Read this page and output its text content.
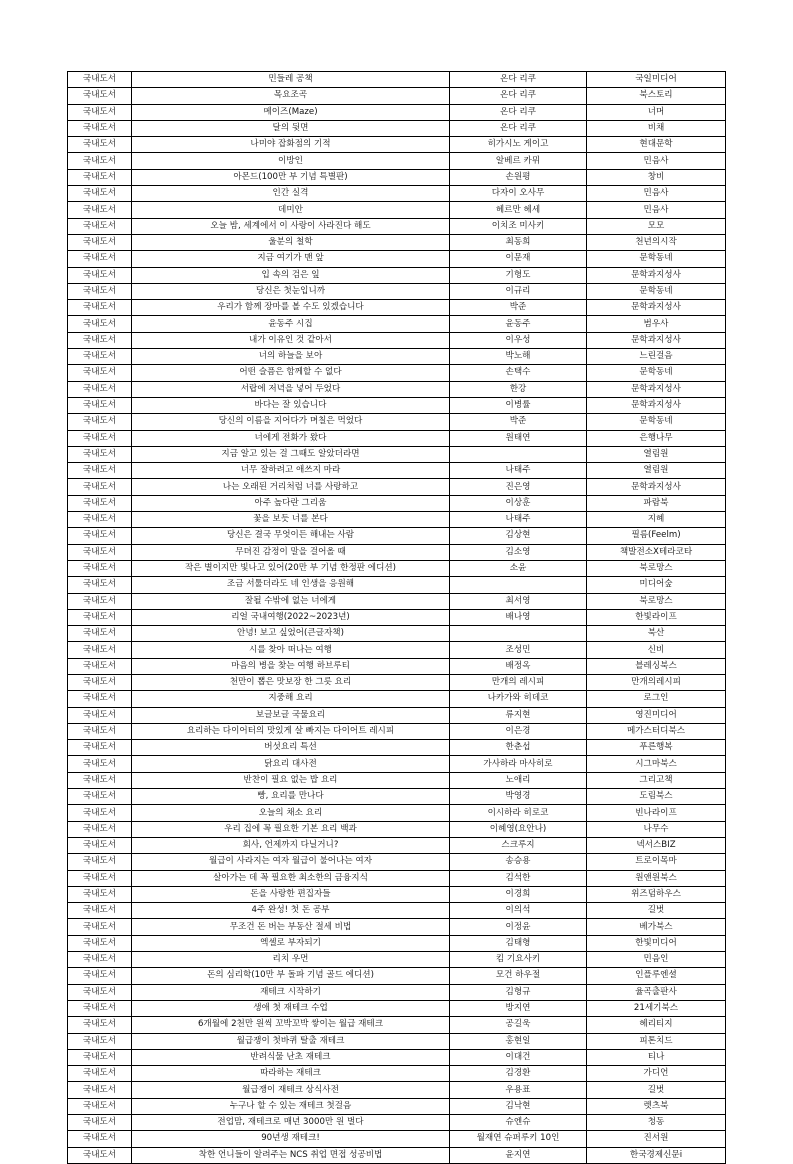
국내도서	민들레 공책	온다 리쿠	국일미디어
국내도서	목요조곡	온다 리쿠	북스토리
국내도서	메이즈(Maze)	온다 리쿠	너머
국내도서	달의 뒷면	온다 리쿠	비채
국내도서	나미야 잡화점의 기적	히가시노 게이고	현대문학
국내도서	이방인	알베르 카뮈	민음사
국내도서	아몬드(100만 부 기념 특별판)	손원평	창비
국내도서	인간 실격	다자이 오사무	민음사
국내도서	데미안	헤르만 헤세	민음사
국내도서	오늘 밤, 세계에서 이 사랑이 사라진다 해도	이치조 미사키	모모
국내도서	울분의 철학	최동희	천년의시작
국내도서	지금 여기가 맨 앞	이문재	문학동네
국내도서	입 속의 검은 잎	기형도	문학과지성사
국내도서	당신은 첫눈입니까	이규리	문학동네
국내도서	우리가 함께 장마를 볼 수도 있겠습니다	박준	문학과지성사
국내도서	윤동주 시집	윤동주	범우사
국내도서	내가 이유인 것 같아서	이우성	문학과지성사
국내도서	너의 하늘을 보아	박노해	느린걸음
국내도서	어떤 슬픔은 함께할 수 없다	손택수	문학동네
국내도서	서랍에 저녁을 넣어 두었다	한강	문학과지성사
국내도서	바다는 잘 있습니다	이병률	문학과지성사
국내도서	당신의 이름을 지어다가 며칠은 먹었다	박준	문학동네
국내도서	너에게 전화가 왔다	원태연	은행나무
국내도서	지금 알고 있는 걸 그때도 알았더라면		열림원
국내도서	너무 잘하려고 애쓰지 마라	나태주	열림원
국내도서	나는 오래된 거리처럼 너를 사랑하고	진은영	문학과지성사
국내도서	아주 높다란 그리움	이상훈	파람북
국내도서	꽃을 보듯 너를 본다	나태주	지혜
국내도서	당신은 결국 무엇이든 해내는 사람	김상현	필름(Feelm)
국내도서	무뎌진 감정이 말을 걸어올 때	김소영	책발전소X테라코타
국내도서	작은 별이지만 빛나고 있어(20만 부 기념 한정판 에디션)	소윤	북로망스
국내도서	조금 서툴더라도 네 인생을 응원해		미디어숲
국내도서	잘될 수밖에 없는 너에게	최서영	북로망스
국내도서	리얼 국내여행(2022~2023년)	배나영	한빛라이프
국내도서	안녕! 보고 싶었어(큰글자책)		북산
국내도서	시를 찾아 떠나는 여행	조성민	신비
국내도서	마음의 병을 찾는 여행 하브루티	배정옥	블레싱북스
국내도서	천만이 뽑은 맛보장 한 그릇 요리	만개의 레시피	만개의레시피
국내도서	지중해 요리	나카가와 히데코	로그인
국내도서	보글보글 국물요리	류지현	영진미디어
국내도서	요리하는 다이어터의 맛있게 살 빠지는 다이어트 레시피	이은경	메가스터디북스
국내도서	버섯요리 특선	한춘섭	푸른행복
국내도서	닭요리 대사전	가사하라 마사히로	시그마북스
국내도서	반찬이 필요 없는 밥 요리	노애리	그리고책
국내도서	빵, 요리를 만나다	박영경	도림북스
국내도서	오늘의 채소 요리	이시하라 히로코	빈나라이프
국내도서	우리 집에 꼭 필요한 기본 요리 백과	이혜영(요안나)	나무수
국내도서	회사, 언제까지 다닐거니?	스크루지	넥서스BIZ
국내도서	월급이 사라지는 여자 월급이 불어나는 여자	송승용	트로이목마
국내도서	살아가는 데 꼭 필요한 최소한의 금융지식	김석한	원앤원북스
국내도서	돈을 사랑한 편집자들	이경희	위즈덤하우스
국내도서	4주 완성! 첫 돈 공부	이의석	길벗
국내도서	무조건 돈 버는 부동산 절세 비법	이정윤	베가북스
국내도서	엑셀로 부자되기	김태형	한빛미디어
국내도서	리치 우먼	킴 기요사키	민음인
국내도서	돈의 심리학(10만 부 돌파 기념 골드 에디션)	모건 하우절	인플루엔셜
국내도서	재테크 시작하기	김형규	율곡출판사
국내도서	생애 첫 재테크 수업	방지연	21세기북스
국내도서	6개월에 2천만 원씩 꼬박꼬박 쌓이는 월급 재테크	공길욱	헤리티지
국내도서	월급쟁이 첫바퀴 탈출 재테크	홍현일	피톤치드
국내도서	반려식물 난초 재테크	이대건	티나
국내도서	따라하는 재테크	김경환	가디언
국내도서	월급쟁이 재테크 상식사전	우용표	길벗
국내도서	누구나 할 수 있는 재테크 첫걸음	김낙현	렛츠북
국내도서	전업맘, 재테크로 매년 3000만 원 벌다	슈엔슈	청동
국내도서	90년생 재테크!	월재연 슈퍼루키 10인	진서원
국내도서	착한 언니들이 알려주는 NCS 취업 면접 성공비법	윤지연	한국경제신문i
